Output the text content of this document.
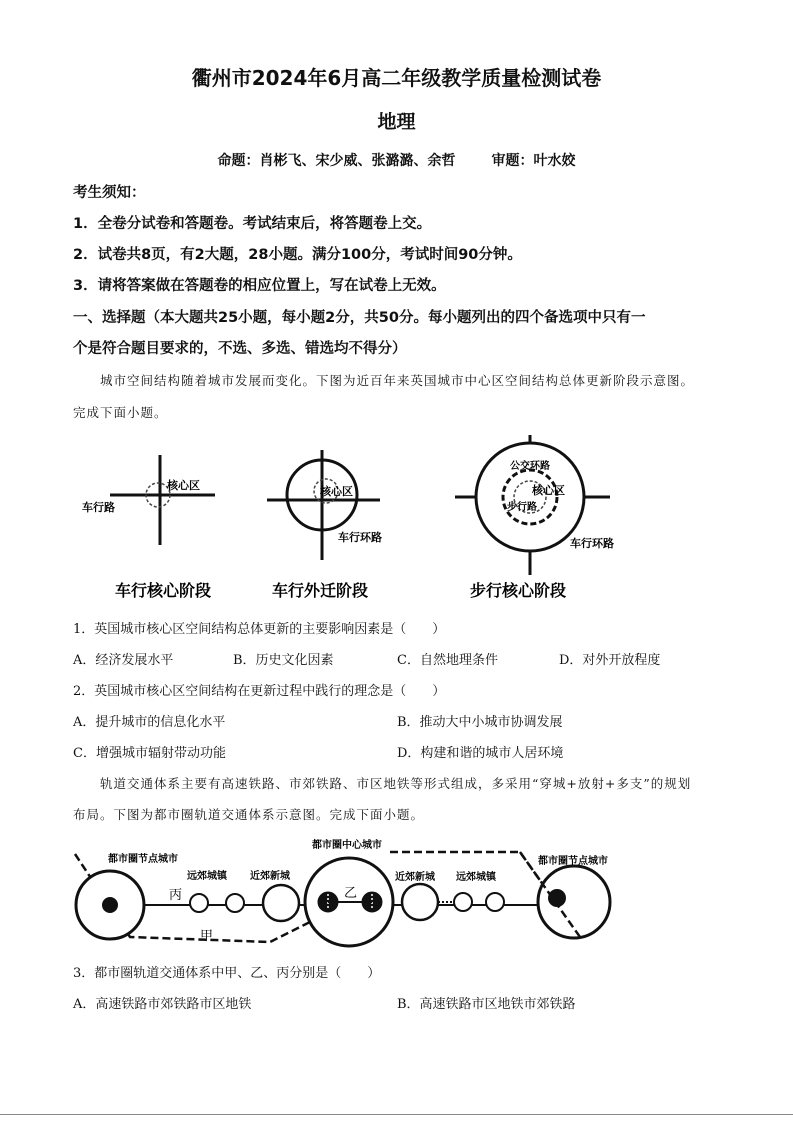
衢州市2024年6月高二年级教学质量检测试卷
地理
命题：肖彬飞、宋少威、张潞潞、余哲	审题：叶水姣
考生须知：
1．全卷分试卷和答题卷。考试结束后，将答题卷上交。
2．试卷共8页，有2大题，28小题。满分100分，考试时间90分钟。
3．请将答案做在答题卷的相应位置上，写在试卷上无效。
一、选择题（本大题共25小题，每小题2分，共50分。每小题列出的四个备选项中只有一
个是符合题目要求的，不选、多选、错选均不得分）
城市空间结构随着城市发展而变化。下图为近百年来英国城市中心区空间结构总体更新阶段示意图。
完成下面小题。
核心区
车行路
核心区
车行环路
公交环路
核心区
步行路
车行环路
车行核心阶段	车行外迁阶段	步行核心阶段
1．英国城市核心区空间结构总体更新的主要影响因素是（　　）
A．经济发展水平	B．历史文化因素	C．自然地理条件	D．对外开放程度
2．英国城市核心区空间结构在更新过程中践行的理念是（　　）
A．提升城市的信息化水平	B．推动大中小城市协调发展
C．增强城市辐射带动功能	D．构建和谐的城市人居环境
轨道交通体系主要有高速铁路、市郊铁路、市区地铁等形式组成，多采用“穿城+放射+多支”的规划
布局。下图为都市圈轨道交通体系示意图。完成下面小题。
都市圈节点城市
远郊城镇 近郊新城
都市圈中心城市
近郊新城 远郊城镇
都市圈节点城市
丙	乙
甲
3．都市圈轨道交通体系中甲、乙、丙分别是（　　）
A．高速铁路市郊铁路市区地铁	B．高速铁路市区地铁市郊铁路
